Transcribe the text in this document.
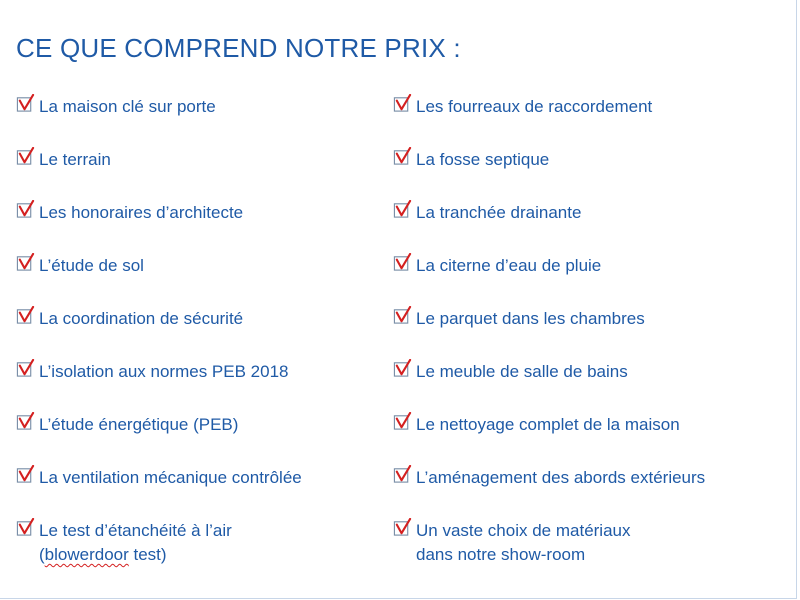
CE QUE COMPREND NOTRE PRIX :
La maison clé sur porte
Le terrain
Les honoraires d’architecte
L’étude de sol
La coordination de sécurité
L’isolation aux normes PEB 2018
L’étude énergétique (PEB)
La ventilation mécanique contrôlée
Le test d’étanchéité à l’air
(blowerdoor test)
Les fourreaux de raccordement
La fosse septique
La tranchée drainante
La citerne d’eau de pluie
Le parquet dans les chambres
Le meuble de salle de bains
Le nettoyage complet de la maison
L’aménagement des abords extérieurs
Un vaste choix de matériaux
dans notre show-room
